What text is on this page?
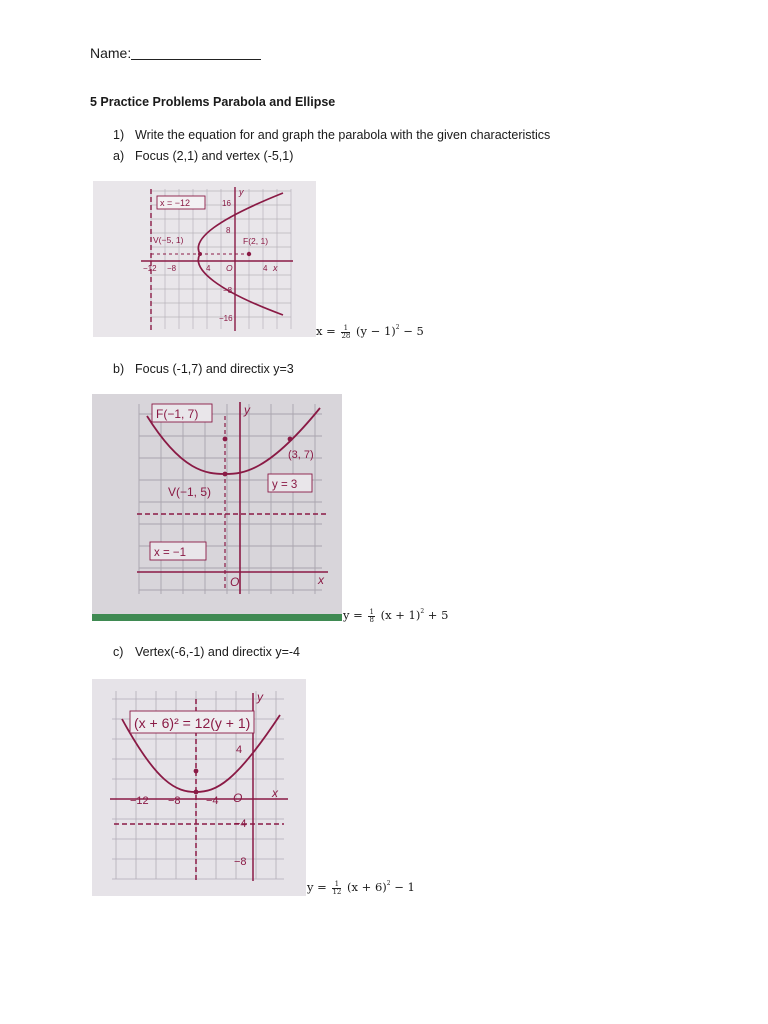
Name:
5 Practice Problems Parabola and Ellipse
1) Write the equation for and graph the parabola with the given characteristics
a) Focus (2,1) and vertex (-5,1)
x = −12
V(−5, 1)	F(2, 1)
y
x
O
16
8
−12 −8	4	4
−8
−16
$x = \frac{1}{28} (y - 1)^2 - 5$
b) Focus (-1,7) and directix y=3
F(−1, 7)
(3, 7)
V(−1, 5)	y = 3
x = −1
y
x
O
$y = \frac{1}{8} (x + 1)^2 + 5$
c) Vertex(-6,-1) and directix y=-4
(x + 6)² = 12(y + 1)
y
x
O
4
−12 −8 −4
−4
−8
$y = \frac{1}{12} (x + 6)^2 - 1$
